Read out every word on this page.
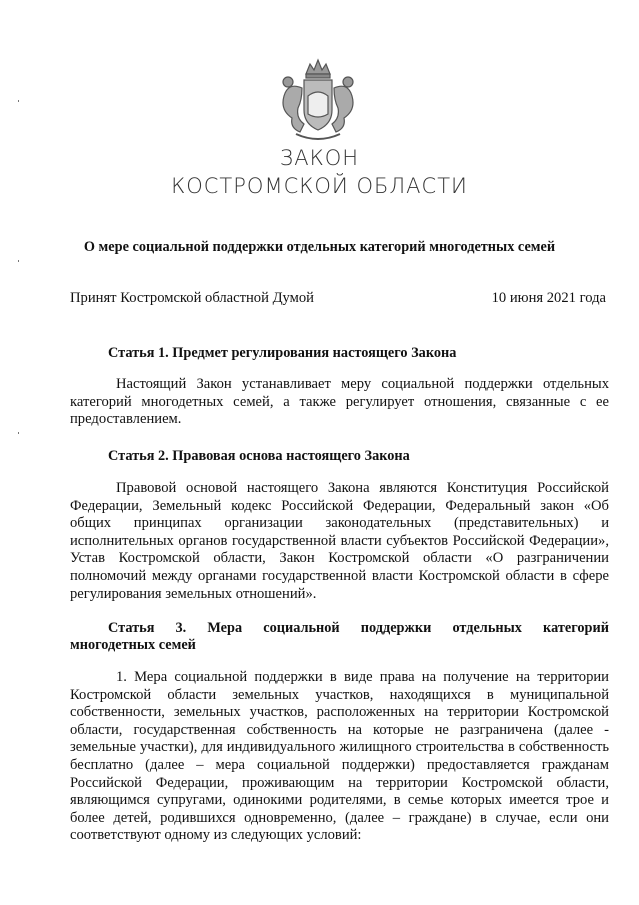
ЗАКОН
КОСТРОМСКОЙ ОБЛАСТИ
О мере социальной поддержки отдельных категорий многодетных семей
Принят Костромской областной Думой	10 июня 2021 года
Статья 1. Предмет регулирования настоящего Закона
Настоящий Закон устанавливает меру социальной поддержки отдельных категорий многодетных семей, а также регулирует отношения, связанные с ее предоставлением.
Статья 2. Правовая основа настоящего Закона
Правовой основой настоящего Закона являются Конституция Российской Федерации, Земельный кодекс Российской Федерации, Федеральный закон «Об общих принципах организации законодательных (представительных) и исполнительных органов государственной власти субъектов Российской Федерации», Устав Костромской области, Закон Костромской области «О разграничении полномочий между органами государственной власти Костромской области в сфере регулирования земельных отношений».
Статья 3. Мера социальной поддержки отдельных категорий
многодетных семей
1. Мера социальной поддержки в виде права на получение на территории Костромской области земельных участков, находящихся в муниципальной собственности, земельных участков, расположенных на территории Костромской области, государственная собственность на которые не разграничена (далее - земельные участки), для индивидуального жилищного строительства в собственность бесплатно (далее – мера социальной поддержки) предоставляется гражданам Российской Федерации, проживающим на территории Костромской области, являющимся супругами, одинокими родителями, в семье которых имеется трое и более детей, родившихся одновременно, (далее – граждане) в случае, если они соответствуют одному из следующих условий:
